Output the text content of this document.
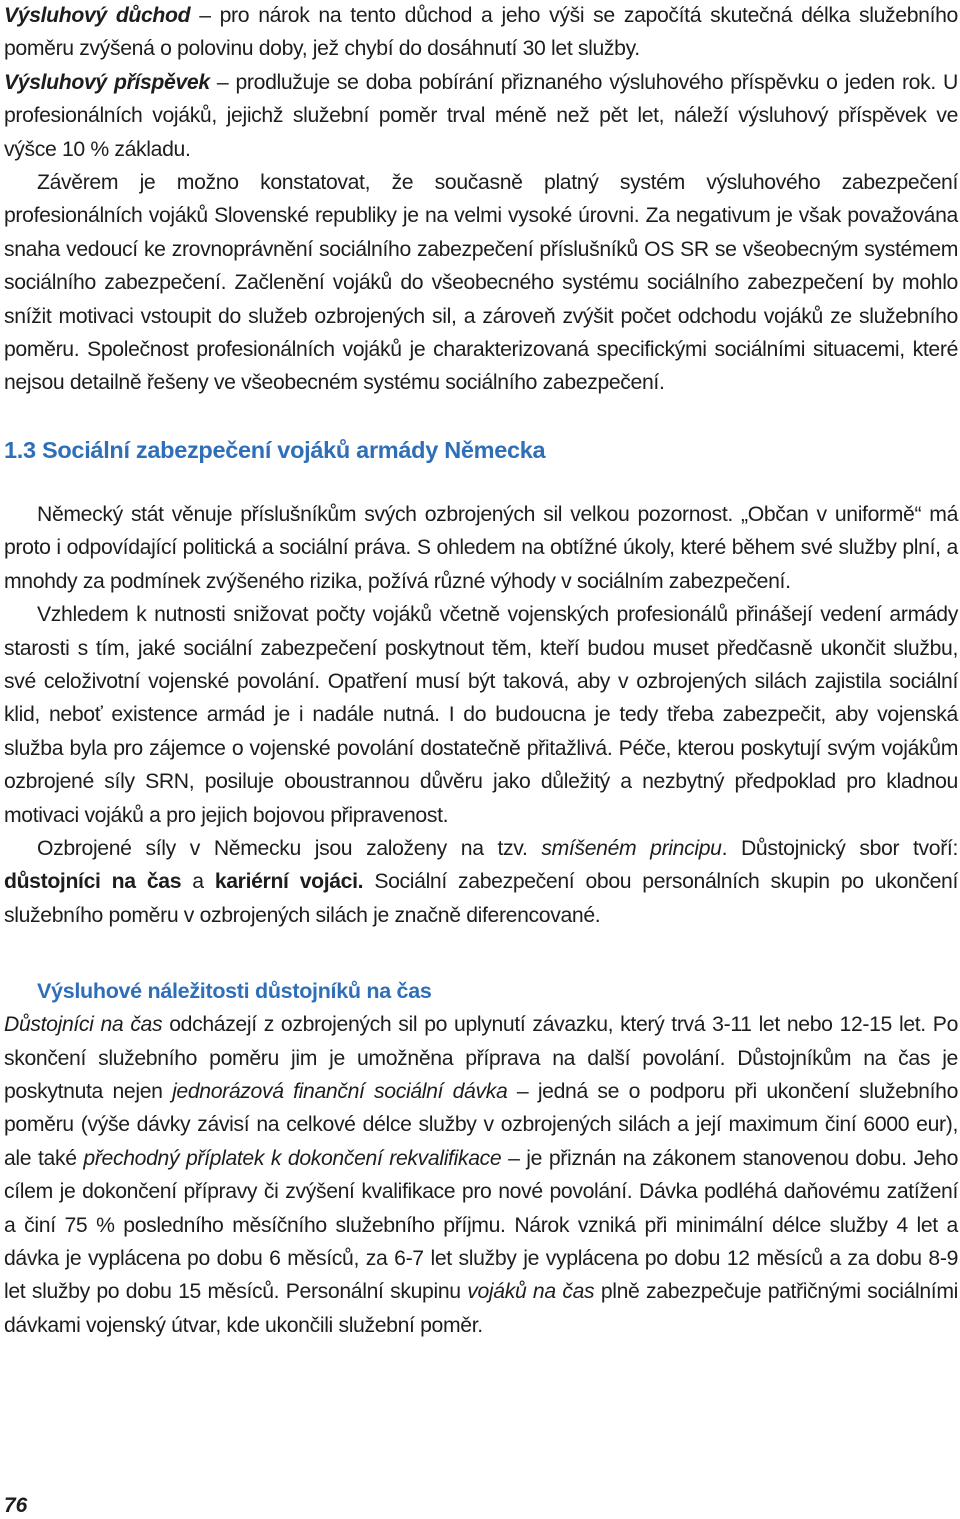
Výsluhový důchod – pro nárok na tento důchod a jeho výši se započítá skutečná délka služebního poměru zvýšená o polovinu doby, jež chybí do dosáhnutí 30 let služby.

Výsluhový příspěvek – prodlužuje se doba pobírání přiznaného výsluhového příspěvku o jeden rok. U profesionálních vojáků, jejichž služební poměr trval méně než pět let, náleží výsluhový příspěvek ve výšce 10 % základu.

Závěrem je možno konstatovat, že současně platný systém výsluhového zabezpečení profesionálních vojáků Slovenské republiky je na velmi vysoké úrovni. Za negativum je však považována snaha vedoucí ke zrovnoprávnění sociálního zabezpečení příslušníků OS SR se všeobecným systémem sociálního zabezpečení. Začlenění vojáků do všeobecného systému sociálního zabezpečení by mohlo snížit motivaci vstoupit do služeb ozbrojených sil, a zároveň zvýšit počet odchodu vojáků ze služebního poměru. Společnost profesionálních vojáků je charakterizovaná specifickými sociálními situacemi, které nejsou detailně řešeny ve všeobecném systému sociálního zabezpečení.

1.3 Sociální zabezpečení vojáků armády Německa

Německý stát věnuje příslušníkům svých ozbrojených sil velkou pozornost. „Občan v uniformě“ má proto i odpovídající politická a sociální práva. S ohledem na obtížné úkoly, které během své služby plní, a mnohdy za podmínek zvýšeného rizika, požívá různé výhody v sociálním zabezpečení.

Vzhledem k nutnosti snižovat počty vojáků včetně vojenských profesionálů přinášejí vedení armády starosti s tím, jaké sociální zabezpečení poskytnout těm, kteří budou muset předčasně ukončit službu, své celoživotní vojenské povolání. Opatření musí být taková, aby v ozbrojených silách zajistila sociální klid, neboť existence armád je i nadále nutná. I do budoucna je tedy třeba zabezpečit, aby vojenská služba byla pro zájemce o vojenské povolání dostatečně přitažlivá. Péče, kterou poskytují svým vojákům ozbrojené síly SRN, posiluje oboustrannou důvěru jako důležitý a nezbytný předpoklad pro kladnou motivaci vojáků a pro jejich bojovou připravenost.

Ozbrojené síly v Německu jsou založeny na tzv. smíšeném principu. Důstojnický sbor tvoří: důstojníci na čas a kariérní vojáci. Sociální zabezpečení obou personálních skupin po ukončení služebního poměru v ozbrojených silách je značně diferencované.

Výsluhové náležitosti důstojníků na čas

Důstojníci na čas odcházejí z ozbrojených sil po uplynutí závazku, který trvá 3-11 let nebo 12-15 let. Po skončení služebního poměru jim je umožněna příprava na další povolání. Důstojníkům na čas je poskytnuta nejen jednorázová finanční sociální dávka – jedná se o podporu při ukončení služebního poměru (výše dávky závisí na celkové délce služby v ozbrojených silách a její maximum činí 6000 eur), ale také přechodný příplatek k dokončení rekvalifikace – je přiznán na zákonem stanovenou dobu. Jeho cílem je dokončení přípravy či zvýšení kvalifikace pro nové povolání. Dávka podléhá daňovému zatížení a činí 75 % posledního měsíčního služebního příjmu. Nárok vzniká při minimální délce služby 4 let a dávka je vyplácena po dobu 6 měsíců, za 6-7 let služby je vyplácena po dobu 12 měsíců a za dobu 8-9 let služby po dobu 15 měsíců. Personální skupinu vojáků na čas plně zabezpečuje patřičnými sociálními dávkami vojenský útvar, kde ukončili služební poměr.

76
